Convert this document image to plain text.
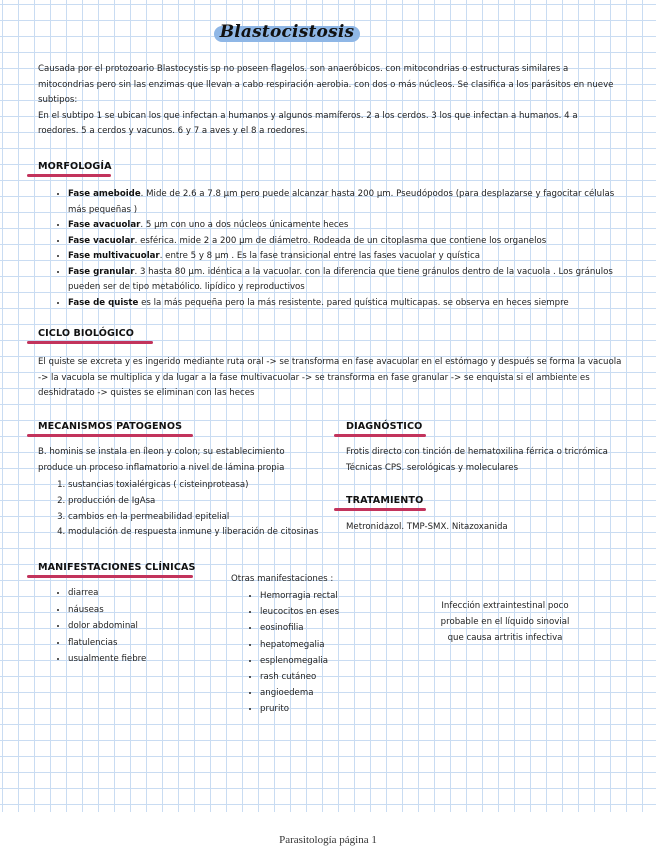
Blastocistosis
Causada por el protozoario Blastocystis sp no poseen flagelos. son anaeróbicos. con mitocondrias o estructuras similares a mitocondrias pero sin las enzimas que llevan a cabo respiración aerobia. con dos o más núcleos. Se clasifica a los parásitos en nueve subtipos:
En el subtipo 1 se ubican los que infectan a humanos y algunos mamíferos. 2 a los cerdos. 3 los que infectan a humanos. 4 a roedores. 5 a cerdos y vacunos. 6 y 7 a aves y el 8 a roedores.
MORFOLOGÍA
• Fase ameboide. Mide de 2.6 a 7.8 µm pero puede alcanzar hasta 200 µm. Pseudópodos (para desplazarse y fagocitar células más pequeñas )
• Fase avacuolar. 5 µm con uno a dos núcleos únicamente heces
• Fase vacuolar. esférica. mide 2 a 200 µm de diámetro. Rodeada de un citoplasma que contiene los organelos
• Fase multivacuolar. entre 5 y 8 µm . Es la fase transicional entre las fases vacuolar y quística
• Fase granular. 3 hasta 80 µm. idéntica a la vacuolar. con la diferencia que tiene gránulos dentro de la vacuola . Los gránulos pueden ser de tipo metabólico. lipídico y reproductivos
• Fase de quiste es la más pequeña pero la más resistente. pared quística multicapas. se observa en heces siempre
CICLO BIOLÓGICO
El quiste se excreta y es ingerido mediante ruta oral -> se transforma en fase avacuolar en el estómago y después se forma la vacuola -> la vacuola se multiplica y da lugar a la fase multivacuolar -> se transforma en fase granular -> se enquista si el ambiente es deshidratado -> quistes se eliminan con las heces
MECANISMOS PATOGENOS
B. hominis se instala en íleon y colon; su establecimiento produce un proceso inflamatorio a nivel de lámina propia
1. sustancias toxialérgicas ( cisteinproteasa)
2. producción de IgAsa
3. cambios en la permeabilidad epitelial
4. modulación de respuesta inmune y liberación de citosinas
DIAGNÓSTICO
Frotis directo con tinción de hematoxilina férrica o tricrómica Técnicas CPS. serológicas y moleculares
TRATAMIENTO
Metronidazol. TMP-SMX. Nitazoxanida
MANIFESTACIONES CLÍNICAS
• diarrea
• náuseas
• dolor abdominal
• flatulencias
• usualmente fiebre
Otras manifestaciones :
• Hemorragia rectal
• leucocitos en eses
• eosinofilia
• hepatomegalia
• esplenomegalia
• rash cutáneo
• angioedema
• prurito
Infección extraintestinal poco probable en el líquido sinovial que causa artritis infectiva
Parasitología página 1
